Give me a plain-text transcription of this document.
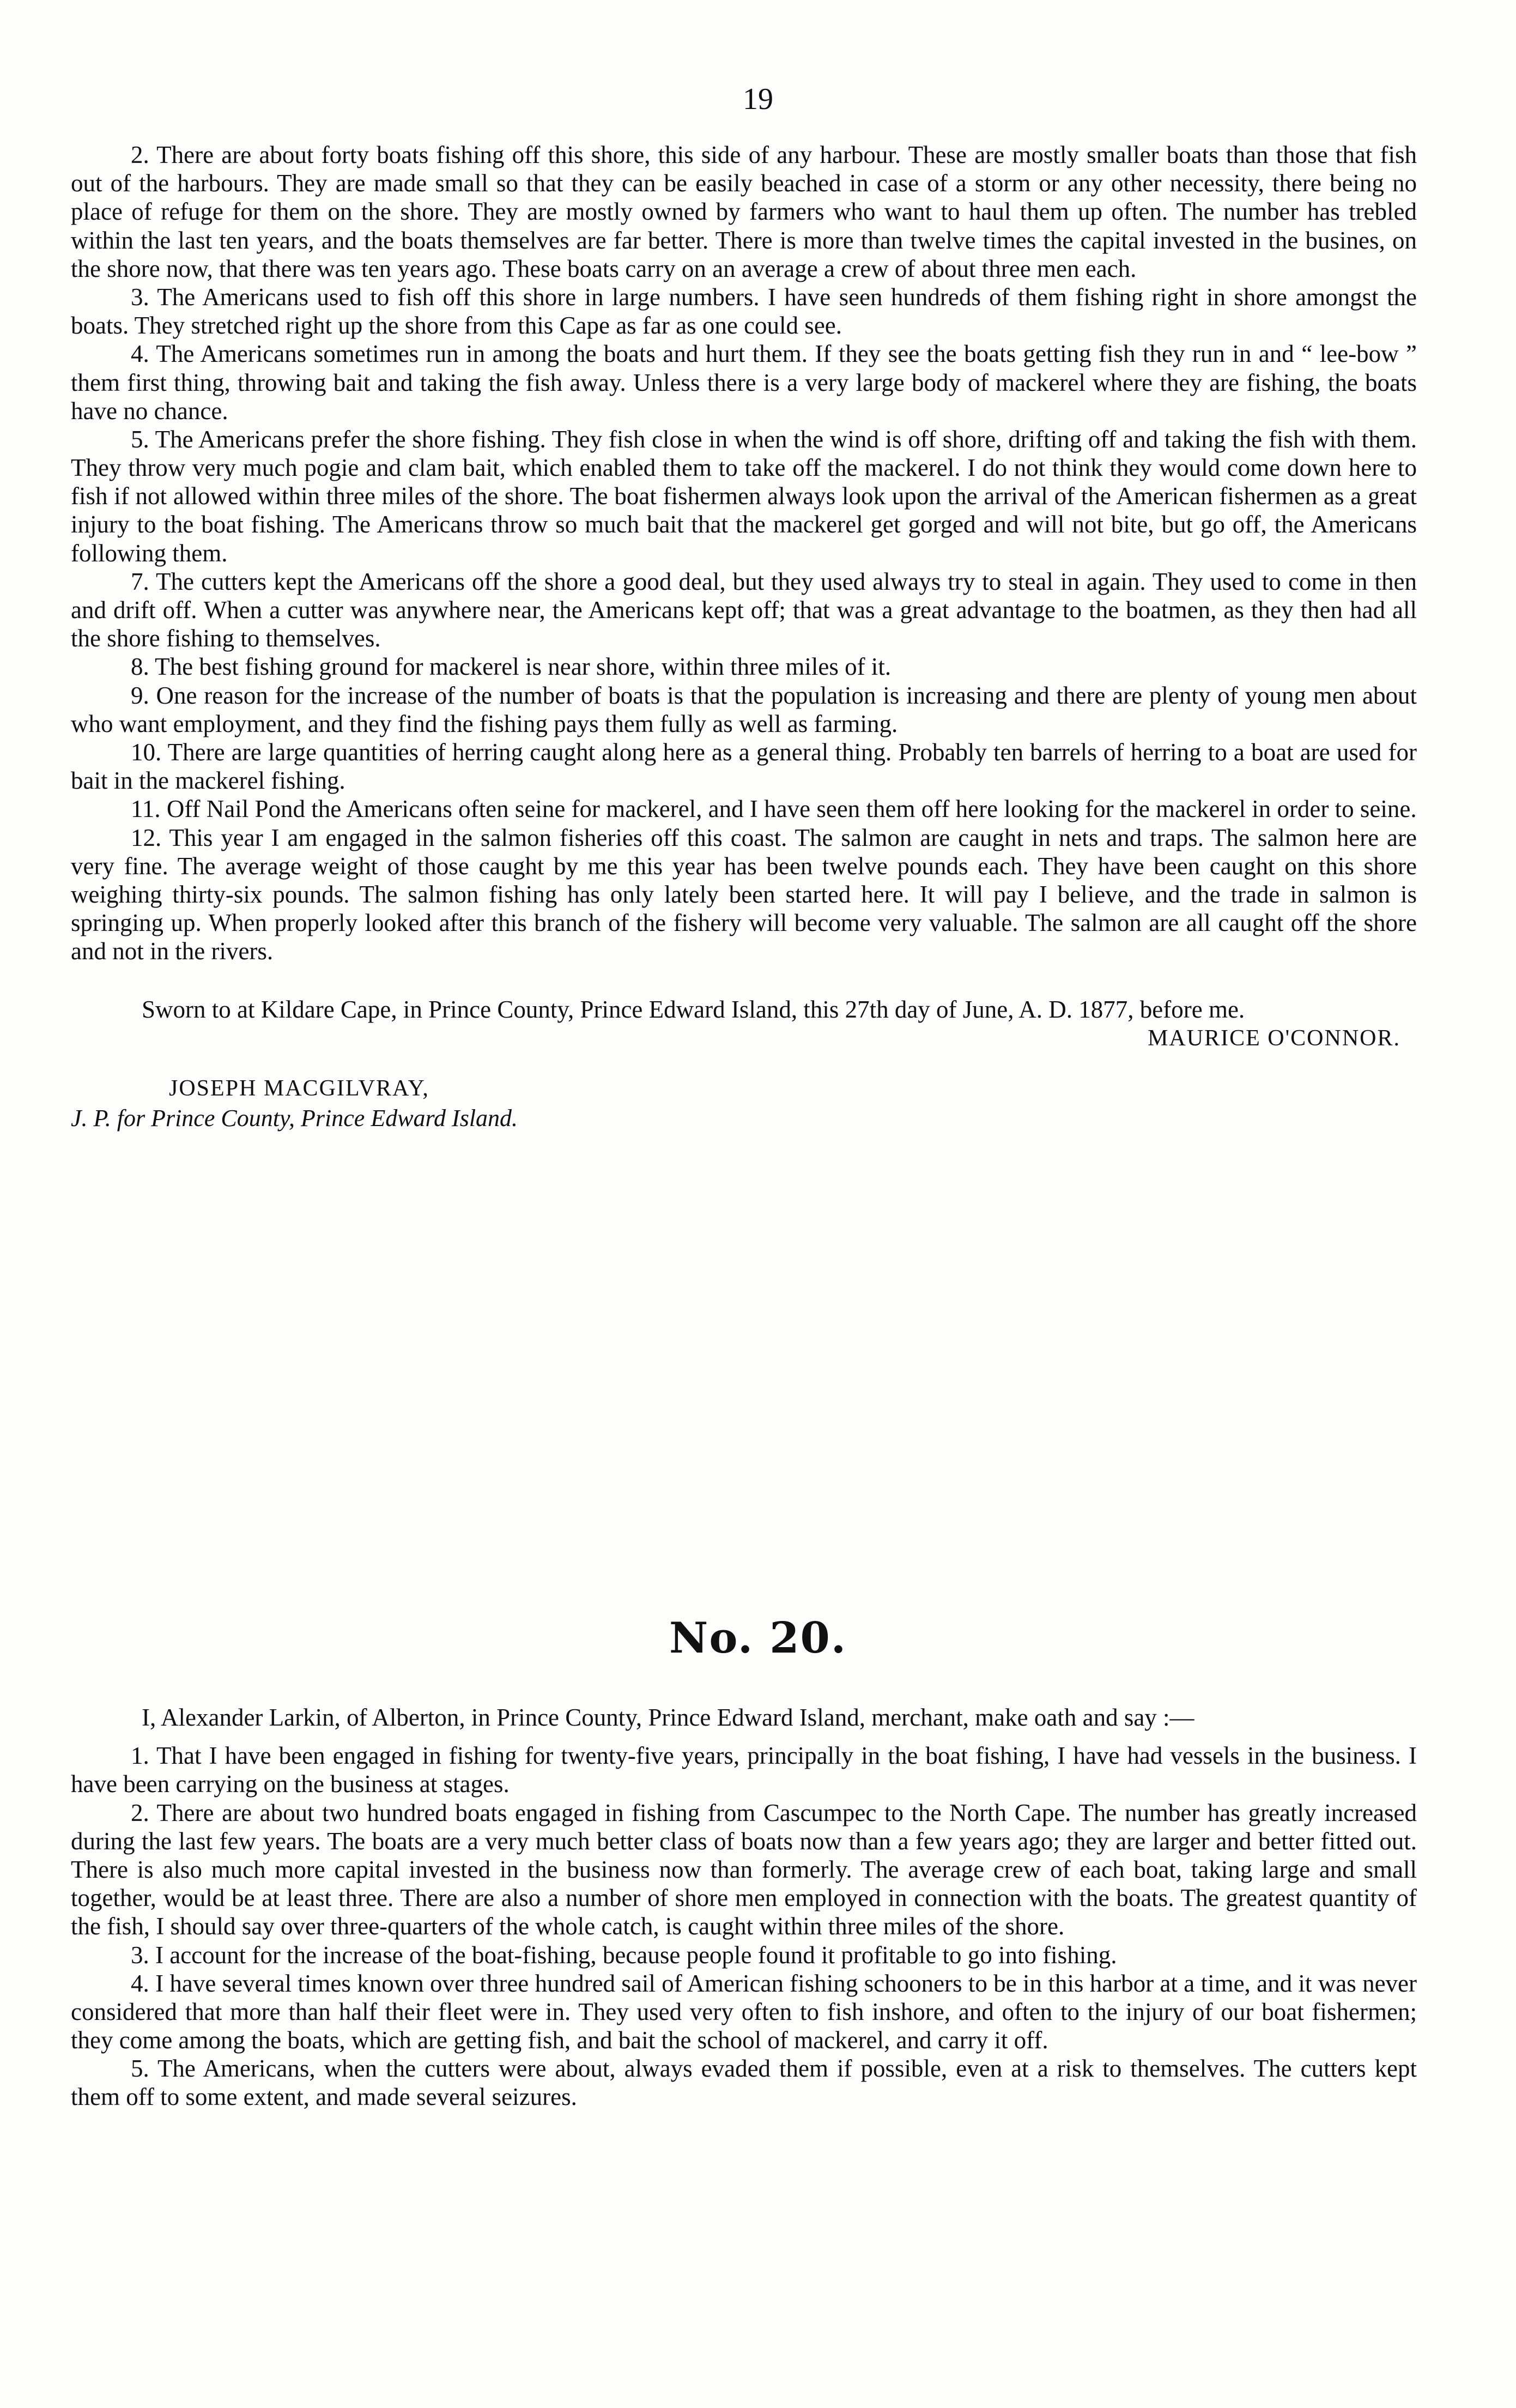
19

2. There are about forty boats fishing off this shore, this side of any harbour. These are mostly smaller boats than those that fish out of the harbours. They are made small so that they can be easily beached in case of a storm or any other necessity, there being no place of refuge for them on the shore. They are mostly owned by farmers who want to haul them up often. The number has trebled within the last ten years, and the boats themselves are far better. There is more than twelve times the capital invested in the busines, on the shore now, that there was ten years ago. These boats carry on an average a crew of about three men each.

3. The Americans used to fish off this shore in large numbers. I have seen hundreds of them fishing right in shore amongst the boats. They stretched right up the shore from this Cape as far as one could see.

4. The Americans sometimes run in among the boats and hurt them. If they see the boats getting fish they run in and “ lee-bow ” them first thing, throwing bait and taking the fish away. Unless there is a very large body of mackerel where they are fishing, the boats have no chance.

5. The Americans prefer the shore fishing. They fish close in when the wind is off shore, drifting off and taking the fish with them. They throw very much pogie and clam bait, which enabled them to take off the mackerel. I do not think they would come down here to fish if not allowed within three miles of the shore. The boat fishermen always look upon the arrival of the American fishermen as a great injury to the boat fishing. The Americans throw so much bait that the mackerel get gorged and will not bite, but go off, the Americans following them.

7. The cutters kept the Americans off the shore a good deal, but they used always try to steal in again. They used to come in then and drift off. When a cutter was anywhere near, the Americans kept off; that was a great advantage to the boatmen, as they then had all the shore fishing to themselves.

8. The best fishing ground for mackerel is near shore, within three miles of it.

9. One reason for the increase of the number of boats is that the population is increasing and there are plenty of young men about who want employment, and they find the fishing pays them fully as well as farming.

10. There are large quantities of herring caught along here as a general thing. Probably ten barrels of herring to a boat are used for bait in the mackerel fishing.

11. Off Nail Pond the Americans often seine for mackerel, and I have seen them off here looking for the mackerel in order to seine.

12. This year I am engaged in the salmon fisheries off this coast. The salmon are caught in nets and traps. The salmon here are very fine. The average weight of those caught by me this year has been twelve pounds each. They have been caught on this shore weighing thirty-six pounds. The salmon fishing has only lately been started here. It will pay I believe, and the trade in salmon is springing up. When properly looked after this branch of the fishery will become very valuable. The salmon are all caught off the shore and not in the rivers.

Sworn to at Kildare Cape, in Prince County, Prince Edward Island, this 27th day of June, A. D. 1877, before me.

MAURICE O'CONNOR.

JOSEPH MACGILVRAY,

J. P. for Prince County, Prince Edward Island.

No. 20.

I, Alexander Larkin, of Alberton, in Prince County, Prince Edward Island, merchant, make oath and say :—

1. That I have been engaged in fishing for twenty-five years, principally in the boat fishing, I have had vessels in the business. I have been carrying on the business at stages.

2. There are about two hundred boats engaged in fishing from Cascumpec to the North Cape. The number has greatly increased during the last few years. The boats are a very much better class of boats now than a few years ago; they are larger and better fitted out. There is also much more capital invested in the business now than formerly. The average crew of each boat, taking large and small together, would be at least three. There are also a number of shore men employed in connection with the boats. The greatest quantity of the fish, I should say over three-quarters of the whole catch, is caught within three miles of the shore.

3. I account for the increase of the boat-fishing, because people found it profitable to go into fishing.

4. I have several times known over three hundred sail of American fishing schooners to be in this harbor at a time, and it was never considered that more than half their fleet were in. They used very often to fish inshore, and often to the injury of our boat fishermen; they come among the boats, which are getting fish, and bait the school of mackerel, and carry it off.

5. The Americans, when the cutters were about, always evaded them if possible, even at a risk to themselves. The cutters kept them off to some extent, and made several seizures.
